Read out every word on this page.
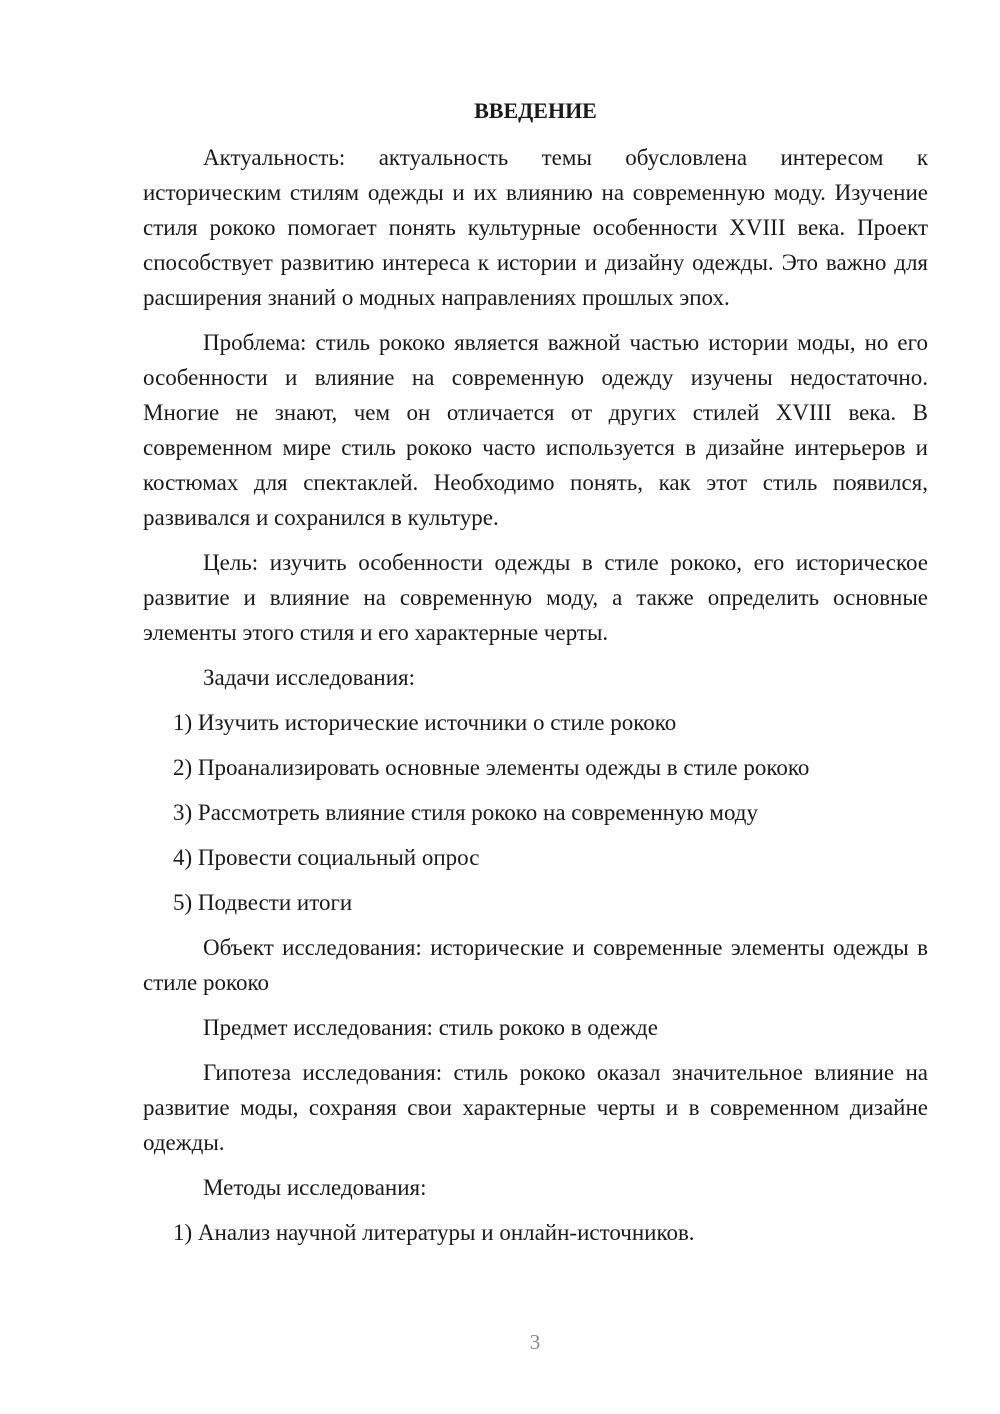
ВВЕДЕНИЕ

Актуальность: актуальность темы обусловлена интересом к историческим стилям одежды и их влиянию на современную моду. Изучение стиля рококо помогает понять культурные особенности XVIII века. Проект способствует развитию интереса к истории и дизайну одежды. Это важно для расширения знаний о модных направлениях прошлых эпох.

Проблема: стиль рококо является важной частью истории моды, но его особенности и влияние на современную одежду изучены недостаточно. Многие не знают, чем он отличается от других стилей XVIII века. В современном мире стиль рококо часто используется в дизайне интерьеров и костюмах для спектаклей. Необходимо понять, как этот стиль появился, развивался и сохранился в культуре.

Цель: изучить особенности одежды в стиле рококо, его историческое развитие и влияние на современную моду, а также определить основные элементы этого стиля и его характерные черты.

Задачи исследования:

1) Изучить исторические источники о стиле рококо
2) Проанализировать основные элементы одежды в стиле рококо
3) Рассмотреть влияние стиля рококо на современную моду
4) Провести социальный опрос
5) Подвести итоги

Объект исследования: исторические и современные элементы одежды в стиле рококо

Предмет исследования: стиль рококо в одежде

Гипотеза исследования: стиль рококо оказал значительное влияние на развитие моды, сохраняя свои характерные черты и в современном дизайне одежды.

Методы исследования:

1) Анализ научной литературы и онлайн-источников.
3
